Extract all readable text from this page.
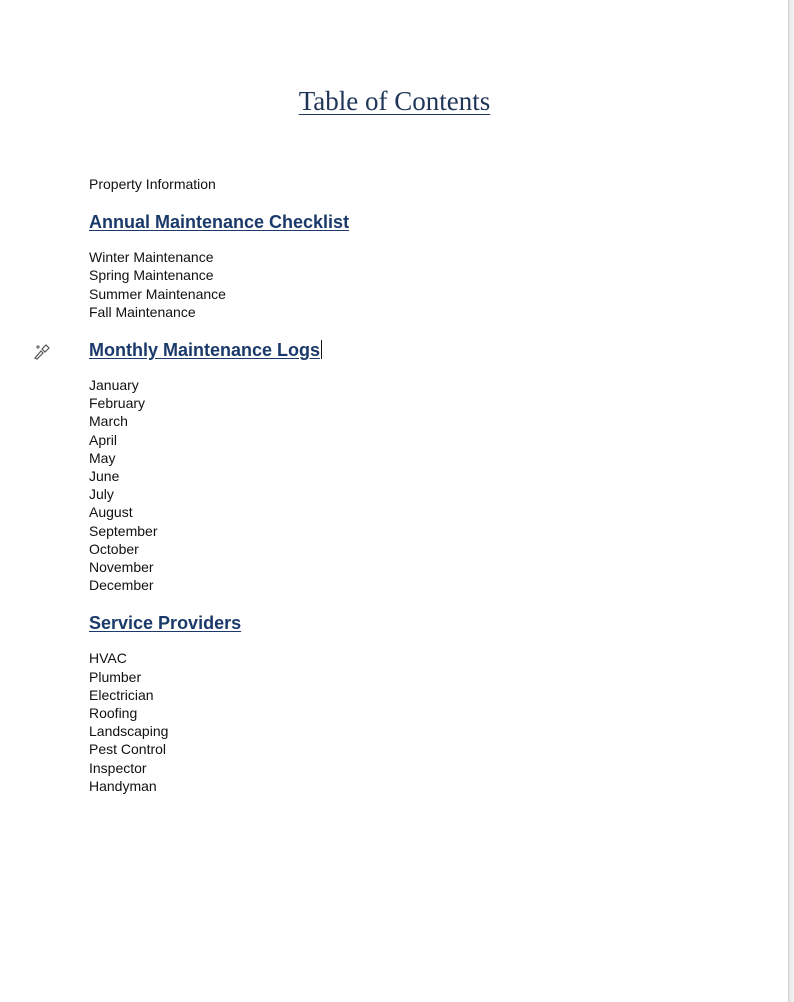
Table of Contents

Property Information

Annual Maintenance Checklist
Winter Maintenance
Spring Maintenance
Summer Maintenance
Fall Maintenance
Monthly Maintenance Logs
January
February
March
April
May
June
July
August
September
October
November
December
Service Providers
HVAC
Plumber
Electrician
Roofing
Landscaping
Pest Control
Inspector
Handyman
